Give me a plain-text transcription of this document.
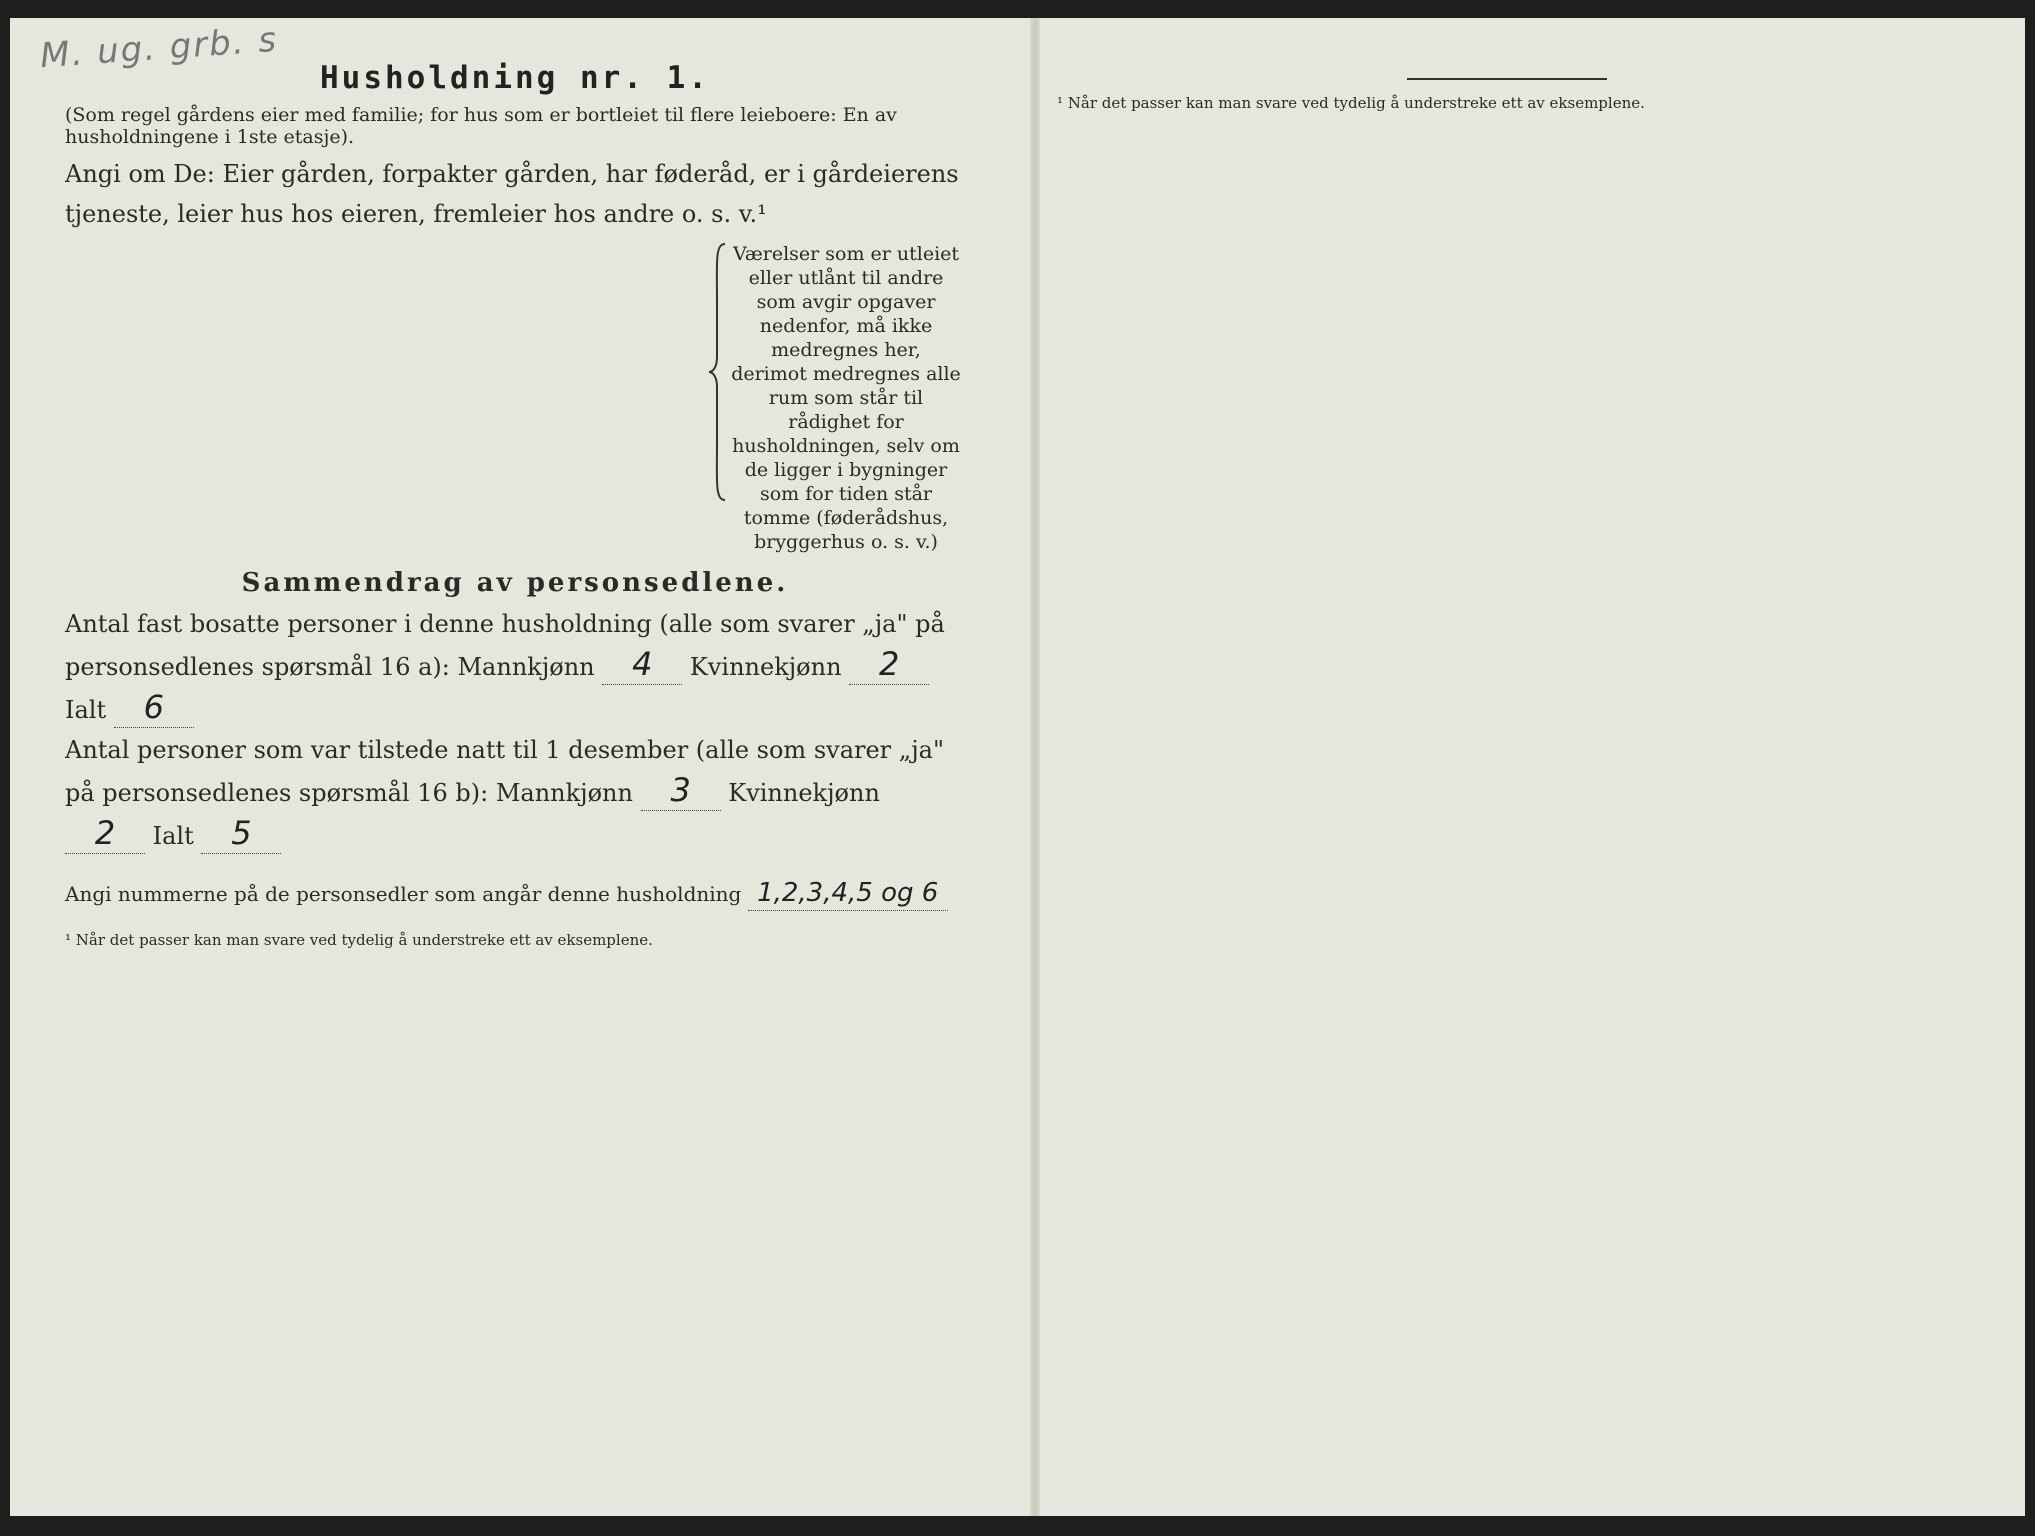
M. ug. grb. s
Husholdning nr. 1.
(Som regel gårdens eier med familie; for hus som er bortleiet til flere leieboere: En av husholdningene i 1ste etasje).

Angi om De: Eier gården, forpakter gården, har føderåd, er i gårdeierens tjeneste, leier hus hos eieren, fremleier hos andre o. s. v.¹

Værelser som er utleiet eller utlånt til andre som avgir opgaver nedenfor, må ikke medregnes her, derimot medregnes alle rum som står til rådighet for husholdningen, selv om de ligger i bygninger som for tiden står tomme (føderådshus, bryggerhus o. s. v.)
Sammendrag av personsedlene.

Antal fast bosatte personer i denne husholdning (alle som svarer „ja" på personsedlenes spørsmål 16 a): Mannkjønn 4 Kvinnekjønn 2 Ialt 6

Antal personer som var tilstede natt til 1 desember (alle som svarer „ja" på personsedlenes spørsmål 16 b): Mannkjønn 3 Kvinnekjønn 2 Ialt 5

Angi nummerne på de personsedler som angår denne husholdning 1,2,3,4,5 og 6

¹ Når det passer kan man svare ved tydelig å understreke ett av eksemplene.
¹ Når det passer kan man svare ved tydelig å understreke ett av eksemplene.
